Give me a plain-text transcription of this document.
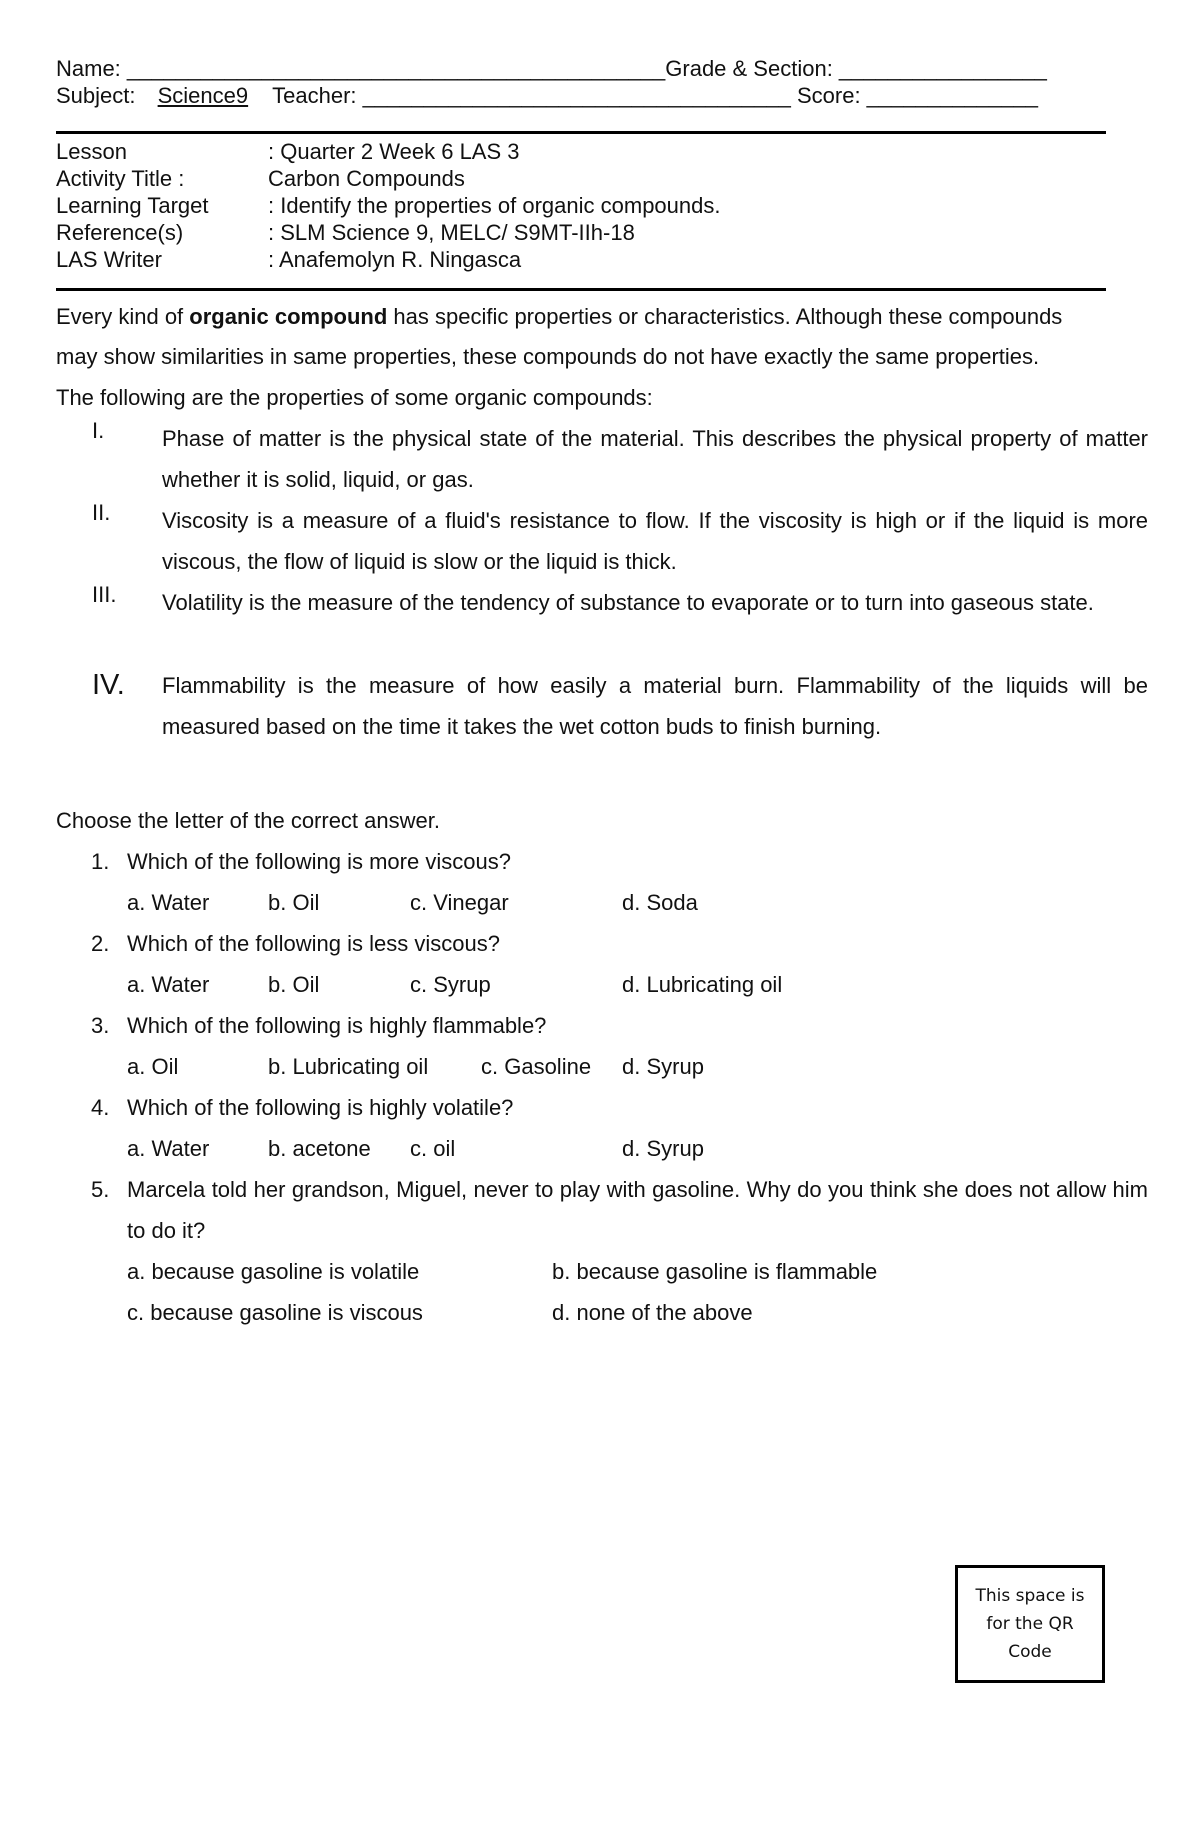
Name: ____________________________________________Grade & Section: _________________
Subject: Science9 Teacher: ___________________________________ Score: ______________
Lesson	: Quarter 2 Week 6 LAS 3
Activity Title :	Carbon Compounds
Learning Target	: Identify the properties of organic compounds.
Reference(s)	: SLM Science 9, MELC/ S9MT-IIh-18
LAS Writer	: Anafemolyn R. Ningasca
Every kind of organic compound has specific properties or characteristics. Although these compounds
may show similarities in same properties, these compounds do not have exactly the same properties.
The following are the properties of some organic compounds:
I.	Phase of matter is the physical state of the material. This describes the physical property of matter whether it is solid, liquid, or gas.
II. Viscosity is a measure of a fluid's resistance to flow. If the viscosity is high or if the liquid is more viscous, the flow of liquid is slow or the liquid is thick.
III. Volatility is the measure of the tendency of substance to evaporate or to turn into gaseous state.
IV. Flammability is the measure of how easily a material burn. Flammability of the liquids will be measured based on the time it takes the wet cotton buds to finish burning.
Choose the letter of the correct answer.
1. Which of the following is more viscous?
a. Water	b. Oil	c. Vinegar	d. Soda
2. Which of the following is less viscous?
a. Water	b. Oil	c. Syrup	d. Lubricating oil
3. Which of the following is highly flammable?
a. Oil	b. Lubricating oil c. Gasoline d. Syrup
4. Which of the following is highly volatile?
a. Water	b. acetone c. oil	d. Syrup
5. Marcela told her grandson, Miguel, never to play with gasoline. Why do you think she does not allow him to do it?
a. because gasoline is volatile	b. because gasoline is flammable
c. because gasoline is viscous	d. none of the above
This space is
for the QR
Code
